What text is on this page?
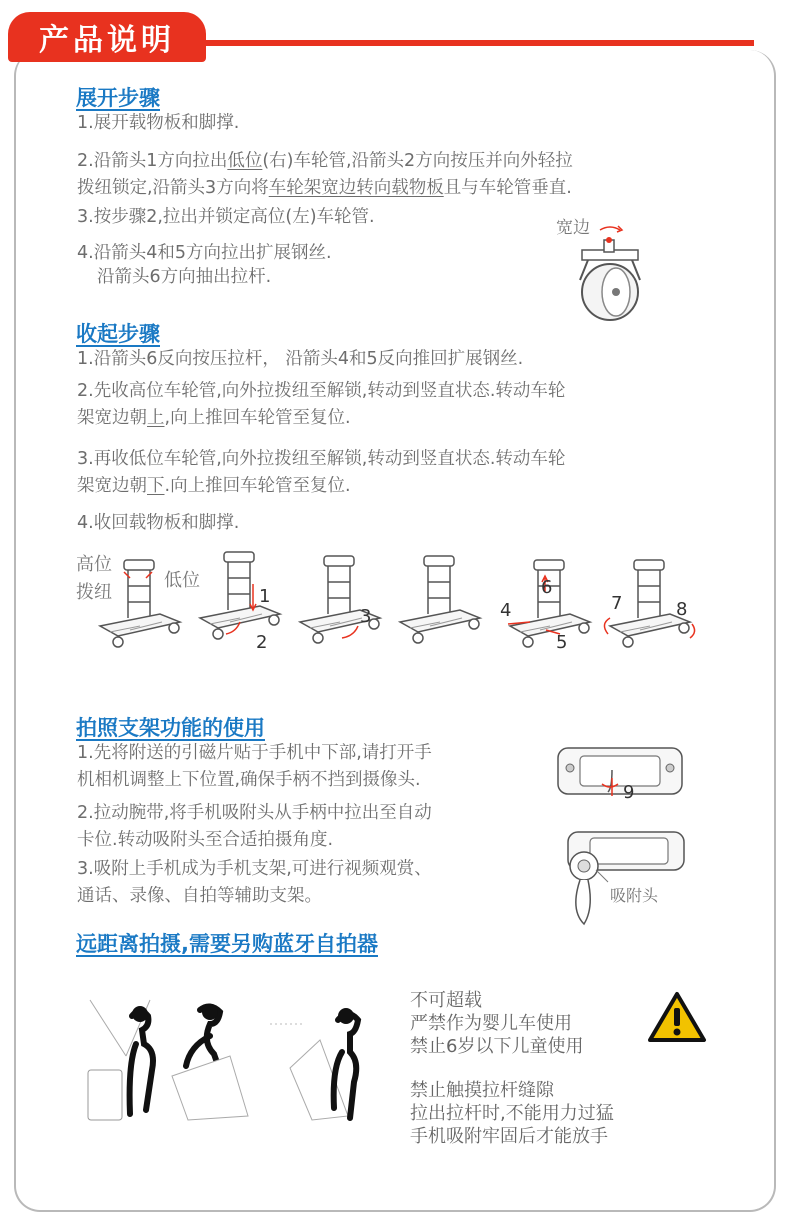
产品说明
展开步骤
1.展开载物板和脚撑.
2.沿箭头1方向拉出低位(右)车轮管,沿箭头2方向按压并向外轻拉
拨纽锁定,沿箭头3方向将车轮架宽边转向载物板且与车轮管垂直.
3.按步骤2,拉出并锁定高位(左)车轮管.
4.沿箭头4和5方向拉出扩展钢丝.
沿箭头6方向抽出拉杆.
宽边
收起步骤
1.沿箭头6反向按压拉杆， 沿箭头4和5反向推回扩展钢丝.
2.先收高位车轮管,向外拉拨纽至解锁,转动到竖直状态.转动车轮
架宽边朝上,向上推回车轮管至复位.
3.再收低位车轮管,向外拉拨纽至解锁,转动到竖直状态.转动车轮
架宽边朝下.向上推回车轮管至复位.
4.收回载物板和脚撑.
高位
拨纽
低位
1
2
3	4
5
6
7	8
拍照支架功能的使用
1.先将附送的引磁片贴于手机中下部,请打开手
机相机调整上下位置,确保手柄不挡到摄像头.
2.拉动腕带,将手机吸附头从手柄中拉出至自动
卡位.转动吸附头至合适拍摄角度.
3.吸附上手机成为手机支架,可进行视频观赏、
通话、录像、自拍等辅助支架。
9
吸附头
远距离拍摄,需要另购蓝牙自拍器
不可超载
严禁作为婴儿车使用
禁止6岁以下儿童使用
禁止触摸拉杆缝隙
拉出拉杆时,不能用力过猛
手机吸附牢固后才能放手
